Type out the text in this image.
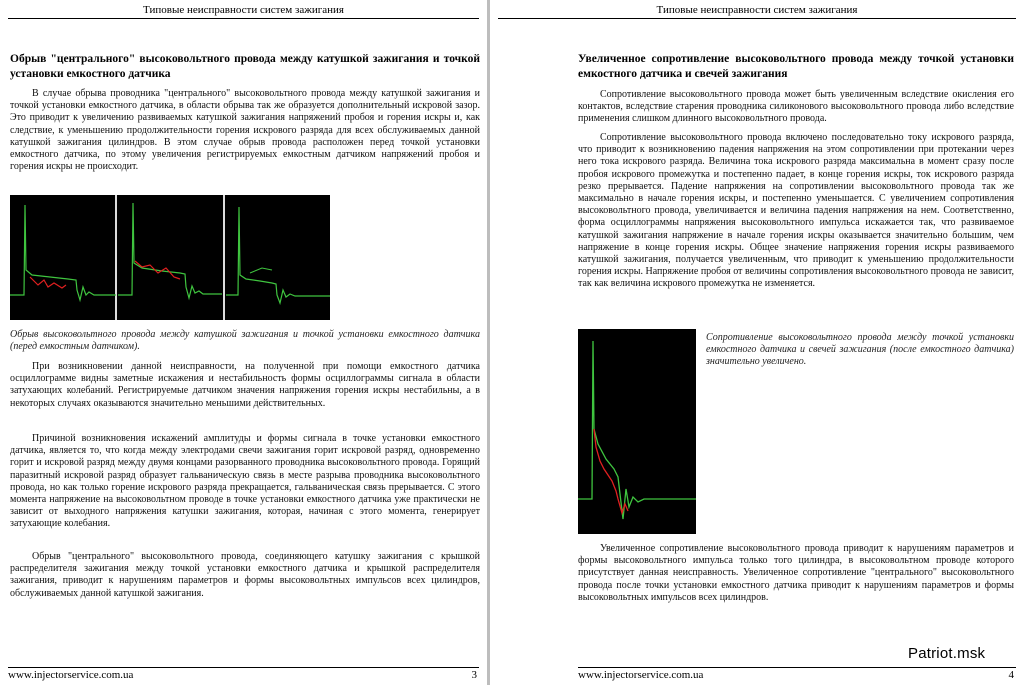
Типовые неисправности систем зажигания
Обрыв "центрального" высоковольтного провода между катушкой зажигания и точкой установки емкостного датчика

В случае обрыва проводника "центрального" высоковольтного провода между катушкой зажигания и точкой установки емкостного датчика, в области обрыва так же образуется дополнительный искровой зазор. Это приводит к увеличению развиваемых катушкой зажигания напряжений пробоя и горения искры и, как следствие, к уменьшению продолжительности горения искрового разряда для всех обслуживаемых данной катушкой зажигания цилиндров. В этом случае обрыв провода расположен перед точкой установки емкостного датчика, по этому увеличения регистрируемых емкостным датчиком напряжений пробоя и горения искры не происходит.

Обрыв высоковольтного провода между катушкой зажигания и точкой установки емкостного датчика (перед емкостным датчиком).

При возникновении данной неисправности, на полученной при помощи емкостного датчика осциллограмме видны заметные искажения и нестабильность формы осциллограммы сигнала в области затухающих колебаний. Регистрируемые датчиком значения напряжения горения искры нестабильны, а в некоторых случаях оказываются значительно меньшими действительных.

Причиной возникновения искажений амплитуды и формы сигнала в точке установки емкостного датчика, является то, что когда между электродами свечи зажигания горит искровой разряд, одновременно горит и искровой разряд между двумя концами разорванного проводника высоковольтного провода. Горящий паразитный искровой разряд образует гальваническую связь в месте разрыва проводника высоковольтного провода, но как только горение искрового разряда прекращается, гальваническая связь прерывается. С этого момента напряжение на высоковольтном проводе в точке установки емкостного датчика уже практически не зависит от выходного напряжения катушки зажигания, которая, начиная с этого момента, генерирует затухающие колебания.

Обрыв "центрального" высоковольтного провода, соединяющего катушку зажигания с крышкой распределителя зажигания между точкой установки емкостного датчика и крышкой распределителя зажигания, приводит к нарушениям параметров и формы высоковольтных импульсов всех цилиндров, обслуживаемых данной катушкой зажигания.

www.injectorservice.com.ua	3
Типовые неисправности систем зажигания
Увеличенное сопротивление высоковольтного провода между точкой установки емкостного датчика и свечей зажигания

Сопротивление высоковольтного провода может быть увеличенным вследствие окисления его контактов, вследствие старения проводника силиконового высоковольтного провода либо вследствие применения слишком длинного высоковольтного провода.

Сопротивление высоковольтного провода включено последовательно току искрового разряда, что приводит к возникновению падения напряжения на этом сопротивлении при протекании через него тока искрового разряда. Величина тока искрового разряда максимальна в момент сразу после пробоя искрового промежутка и постепенно падает, в конце горения искры, ток искрового разряда резко прерывается. Падение напряжения на сопротивлении высоковольтного провода так же максимально в начале горения искры, и постепенно уменьшается. С увеличением сопротивления высоковольтного провода, увеличивается и величина падения напряжения на нем. Соответственно, форма осциллограммы напряжения высоковольтного импульса искажается так, что развиваемое катушкой зажигания напряжение в начале горения искры оказывается значительно большим, чем напряжение в конце горения искры. Общее значение напряжения горения искры развиваемого катушкой зажигания, получается увеличенным, что приводит к уменьшению продолжительности горения искры. Напряжение пробоя от величины сопротивления высоковольтного провода не зависит, так как величина искрового промежутка не изменяется.

Сопротивление высоковольтного провода между точкой установки емкостного датчика и свечей зажигания (после емкостного датчика) значительно увеличено.

Увеличенное сопротивление высоковольтного провода приводит к нарушениям параметров и формы высоковольтного импульса только того цилиндра, в высоковольтном проводе которого присутствует данная неисправность. Увеличенное сопротивление "центрального" высоковольтного провода после точки установки емкостного датчика приводит к нарушениям параметров и формы высоковольтных импульсов всех цилиндров.

Patriot.msk
www.injectorservice.com.ua	4
